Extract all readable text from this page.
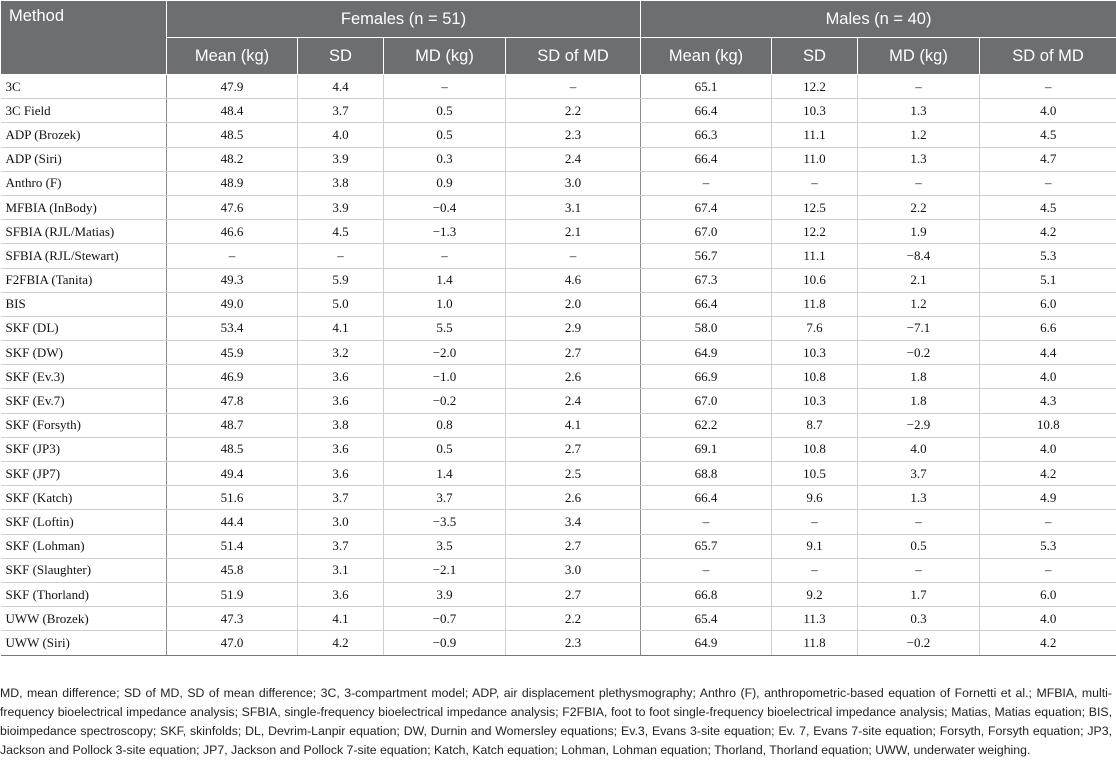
Method	Females (n = 51)				Males (n = 40)			
	Mean (kg)	SD	MD (kg)	SD of MD	Mean (kg)	SD	MD (kg)	SD of MD
3C	47.9	4.4	–	–	65.1	12.2	–	–
3C Field	48.4	3.7	0.5	2.2	66.4	10.3	1.3	4.0
ADP (Brozek)	48.5	4.0	0.5	2.3	66.3	11.1	1.2	4.5
ADP (Siri)	48.2	3.9	0.3	2.4	66.4	11.0	1.3	4.7
Anthro (F)	48.9	3.8	0.9	3.0	–	–	–	–
MFBIA (InBody)	47.6	3.9	−0.4	3.1	67.4	12.5	2.2	4.5
SFBIA (RJL/Matias)	46.6	4.5	−1.3	2.1	67.0	12.2	1.9	4.2
SFBIA (RJL/Stewart)	–	–	–	–	56.7	11.1	−8.4	5.3
F2FBIA (Tanita)	49.3	5.9	1.4	4.6	67.3	10.6	2.1	5.1
BIS	49.0	5.0	1.0	2.0	66.4	11.8	1.2	6.0
SKF (DL)	53.4	4.1	5.5	2.9	58.0	7.6	−7.1	6.6
SKF (DW)	45.9	3.2	−2.0	2.7	64.9	10.3	−0.2	4.4
SKF (Ev.3)	46.9	3.6	−1.0	2.6	66.9	10.8	1.8	4.0
SKF (Ev.7)	47.8	3.6	−0.2	2.4	67.0	10.3	1.8	4.3
SKF (Forsyth)	48.7	3.8	0.8	4.1	62.2	8.7	−2.9	10.8
SKF (JP3)	48.5	3.6	0.5	2.7	69.1	10.8	4.0	4.0
SKF (JP7)	49.4	3.6	1.4	2.5	68.8	10.5	3.7	4.2
SKF (Katch)	51.6	3.7	3.7	2.6	66.4	9.6	1.3	4.9
SKF (Loftin)	44.4	3.0	−3.5	3.4	–	–	–	–
SKF (Lohman)	51.4	3.7	3.5	2.7	65.7	9.1	0.5	5.3
SKF (Slaughter)	45.8	3.1	−2.1	3.0	–	–	–	–
SKF (Thorland)	51.9	3.6	3.9	2.7	66.8	9.2	1.7	6.0
UWW (Brozek)	47.3	4.1	−0.7	2.2	65.4	11.3	0.3	4.0
UWW (Siri)	47.0	4.2	−0.9	2.3	64.9	11.8	−0.2	4.2
MD, mean difference; SD of MD, SD of mean difference; 3C, 3-compartment model; ADP, air displacement plethysmography; Anthro (F), anthropometric-based equation of Fornetti et al.; MFBIA, multi-frequency bioelectrical impedance analysis; SFBIA, single-frequency bioelectrical impedance analysis; F2FBIA, foot to foot single-frequency bioelectrical impedance analysis; Matias, Matias equation; BIS, bioimpedance spectroscopy; SKF, skinfolds; DL, Devrim-Lanpir equation; DW, Durnin and Womersley equations; Ev.3, Evans 3-site equation; Ev. 7, Evans 7-site equation; Forsyth, Forsyth equation; JP3, Jackson and Pollock 3-site equation; JP7, Jackson and Pollock 7-site equation; Katch, Katch equation; Lohman, Lohman equation; Thorland, Thorland equation; UWW, underwater weighing.
